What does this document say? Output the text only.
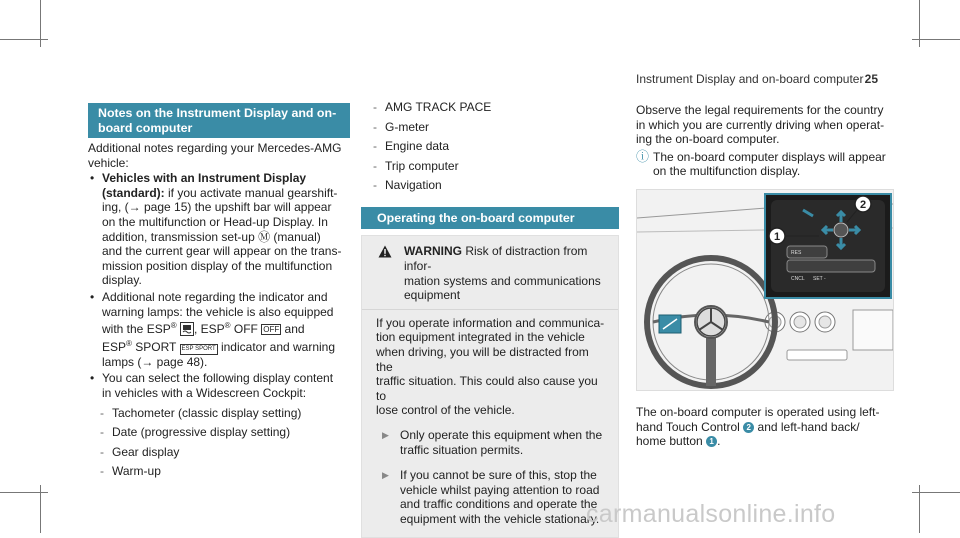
Instrument Display and on-board computer 25
Notes on the Instrument Display and on-
board computer
Additional notes regarding your Mercedes-AMG
vehicle:
• Vehicles with an Instrument Display
(standard): if you activate manual gearshift-
ing, (→ page 15) the upshift bar will appear
on the multifunction or Head-up Display. In
addition, transmission set-up Ⓜ (manual)
and the current gear will appear on the trans-
mission position display of the multifunction
display.
• Additional note regarding the indicator and
warning lamps: the vehicle is also equipped
with the ESP® , ESP® OFF OFF and
ESP® SPORT ESP SPORT indicator and warning
lamps (→ page 48).
• You can select the following display content
in vehicles with a Widescreen Cockpit:
- Tachometer (classic display setting)
- Date (progressive display setting)
- Gear display
- Warm-up
- AMG TRACK PACE
- G-meter
- Engine data
- Trip computer
- Navigation
Operating the on-board computer
WARNING Risk of distraction from infor-
mation systems and communications
equipment
If you operate information and communica-
tion equipment integrated in the vehicle
when driving, you will be distracted from the
traffic situation. This could also cause you to
lose control of the vehicle.
▶ Only operate this equipment when the
traffic situation permits.
▶ If you cannot be sure of this, stop the
vehicle whilst paying attention to road
and traffic conditions and operate the
equipment with the vehicle stationary.
Observe the legal requirements for the country
in which you are currently driving when operat-
ing the on-board computer.
ⓘ The on-board computer displays will appear
on the multifunction display.
RES
CNCL SET -
1
2
The on-board computer is operated using left-
hand Touch Control 2 and left-hand back/
home button 1 .
carmanualsonline.info
